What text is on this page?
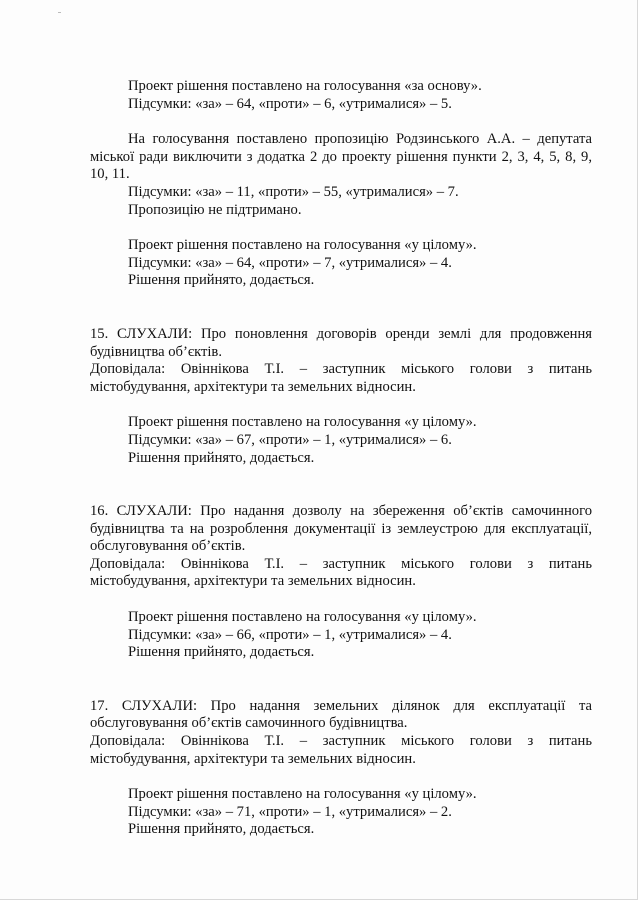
Проект рішення поставлено на голосування «за основу».

Підсумки: «за» – 64, «проти» – 6, «утрималися» – 5.

На голосування поставлено пропозицію Родзинського А.А. – депутата міської ради виключити з додатка 2 до проекту рішення пункти 2, 3, 4, 5, 8, 9, 10, 11.

Підсумки: «за» – 11, «проти» – 55, «утрималися» – 7.

Пропозицію не підтримано.

Проект рішення поставлено на голосування «у цілому».

Підсумки: «за» – 64, «проти» – 7, «утрималися» – 4.

Рішення прийнято, додається.

15. СЛУХАЛИ: Про поновлення договорів оренди землі для продовження будівництва об’єктів.

Доповідала: Овіннікова Т.І. – заступник міського голови з питань містобудування, архітектури та земельних відносин.

Проект рішення поставлено на голосування «у цілому».

Підсумки: «за» – 67, «проти» – 1, «утрималися» – 6.

Рішення прийнято, додається.

16. СЛУХАЛИ: Про надання дозволу на збереження об’єктів самочинного будівництва та на розроблення документації із землеустрою для експлуатації, обслуговування об’єктів.

Доповідала: Овіннікова Т.І. – заступник міського голови з питань містобудування, архітектури та земельних відносин.

Проект рішення поставлено на голосування «у цілому».

Підсумки: «за» – 66, «проти» – 1, «утрималися» – 4.

Рішення прийнято, додається.

17. СЛУХАЛИ: Про надання земельних ділянок для експлуатації та обслуговування об’єктів самочинного будівництва.

Доповідала: Овіннікова Т.І. – заступник міського голови з питань містобудування, архітектури та земельних відносин.

Проект рішення поставлено на голосування «у цілому».

Підсумки: «за» – 71, «проти» – 1, «утрималися» – 2.

Рішення прийнято, додається.
